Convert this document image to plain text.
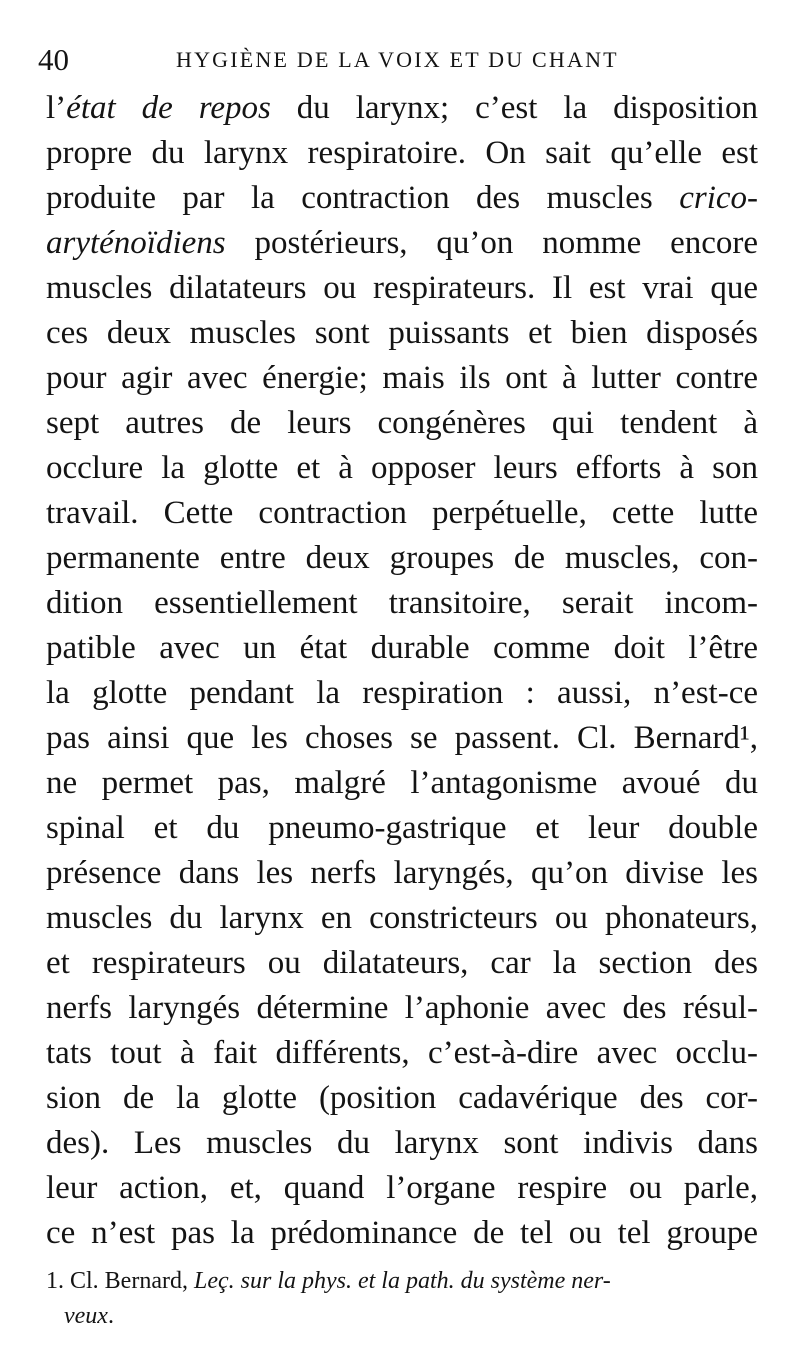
40	HYGIÈNE DE LA VOIX ET DU CHANT
l’état de repos du larynx; c’est la disposition
propre du larynx respiratoire. On sait qu’elle est
produite par la contraction des muscles crico-
aryténoïdiens postérieurs, qu’on nomme encore
muscles dilatateurs ou respirateurs. Il est vrai que
ces deux muscles sont puissants et bien disposés
pour agir avec énergie; mais ils ont à lutter contre
sept autres de leurs congénères qui tendent à
occlure la glotte et à opposer leurs efforts à son
travail. Cette contraction perpétuelle, cette lutte
permanente entre deux groupes de muscles, con-
dition essentiellement transitoire, serait incom-
patible avec un état durable comme doit l’être
la glotte pendant la respiration : aussi, n’est-ce
pas ainsi que les choses se passent. Cl. Bernard¹,
ne permet pas, malgré l’antagonisme avoué du
spinal et du pneumo-gastrique et leur double
présence dans les nerfs laryngés, qu’on divise les
muscles du larynx en constricteurs ou phonateurs,
et respirateurs ou dilatateurs, car la section des
nerfs laryngés détermine l’aphonie avec des résul-
tats tout à fait différents, c’est-à-dire avec occlu-
sion de la glotte (position cadavérique des cor-
des). Les muscles du larynx sont indivis dans
leur action, et, quand l’organe respire ou parle,
ce n’est pas la prédominance de tel ou tel groupe
1. Cl. Bernard, Leç. sur la phys. et la path. du système ner-
veux.
